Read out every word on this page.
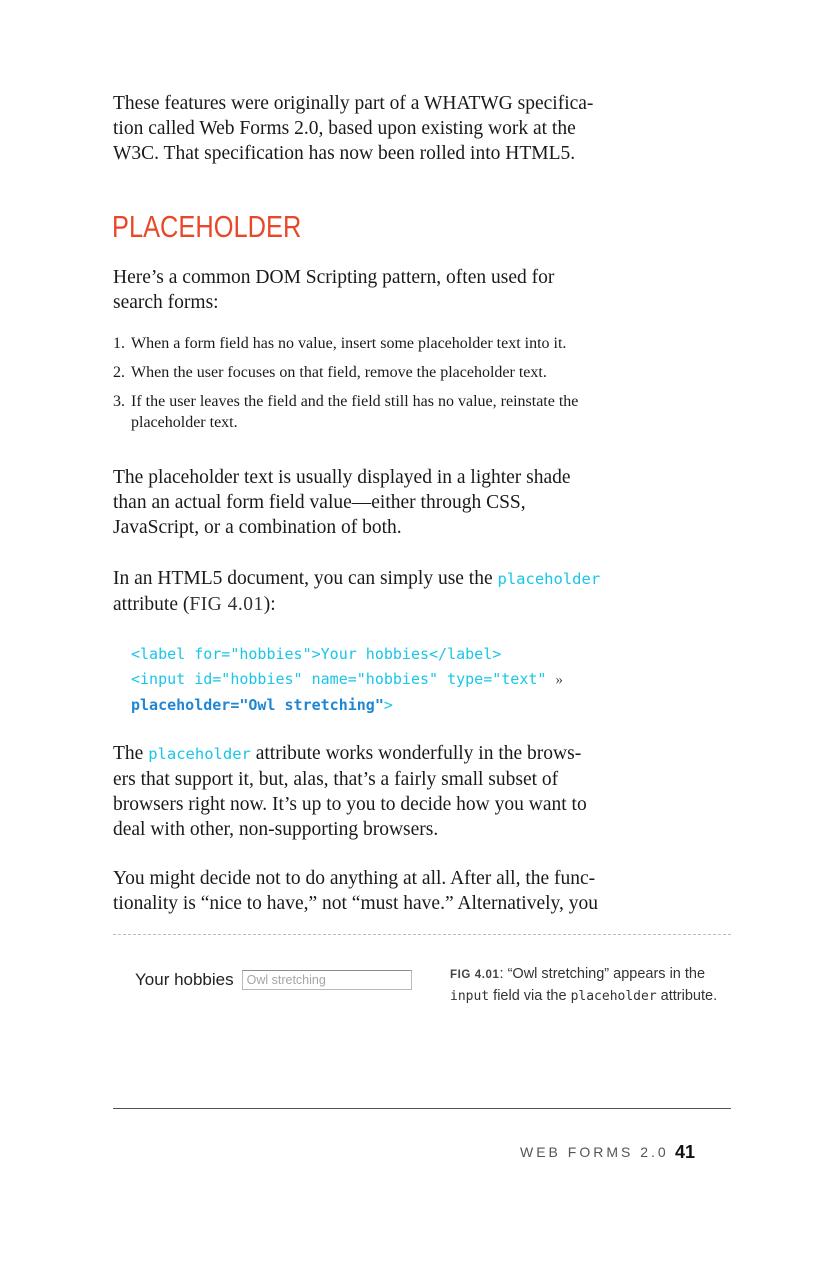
These features were originally part of a WHATWG specifica-
tion called Web Forms 2.0, based upon existing work at the
W3C. That specification has now been rolled into HTML5.

PLACEHOLDER

Here’s a common DOM Scripting pattern, often used for
search forms:

1. When a form field has no value, insert some placeholder text into it.
2. When the user focuses on that field, remove the placeholder text.
3. If the user leaves the field and the field still has no value, reinstate the
placeholder text.

The placeholder text is usually displayed in a lighter shade
than an actual form field value—either through CSS,
JavaScript, or a combination of both.

In an HTML5 document, you can simply use the placeholder
attribute (FIG 4.01):

<label for="hobbies">Your hobbies</label>
<input id="hobbies" name="hobbies" type="text" »
placeholder="Owl stretching">

The placeholder attribute works wonderfully in the brows-
ers that support it, but, alas, that’s a fairly small subset of
browsers right now. It’s up to you to decide how you want to
deal with other, non-supporting browsers.

You might decide not to do anything at all. After all, the func-
tionality is “nice to have,” not “must have.” Alternatively, you

Your hobbies	Owl stretching	FIG 4.01: “Owl stretching” appears in the
input field via the placeholder attribute.
WEB FORMS 2.0 41
